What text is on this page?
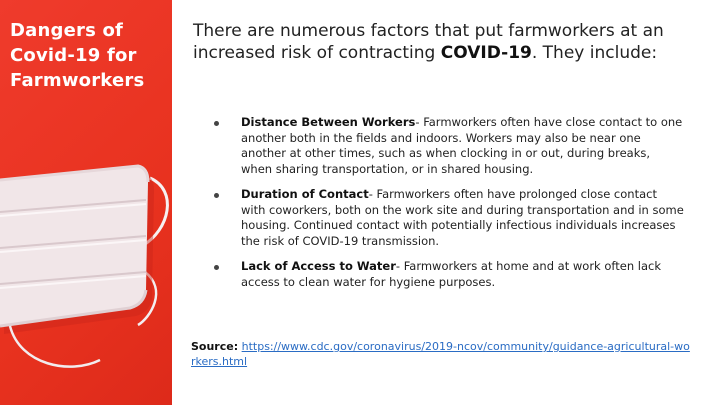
Dangers of
Covid-19 for
Farmworkers
There are numerous factors that put farmworkers at an increased risk of contracting COVID-19. They include:
Distance Between Workers- Farmworkers often have close contact to one another both in the fields and indoors. Workers may also be near one another at other times, such as when clocking in or out, during breaks, when sharing transportation, or in shared housing.
Duration of Contact- Farmworkers often have prolonged close contact with coworkers, both on the work site and during transportation and in some housing. Continued contact with potentially infectious individuals increases the risk of COVID-19 transmission.
Lack of Access to Water- Farmworkers at home and at work often lack access to clean water for hygiene purposes.
Source: https://www.cdc.gov/coronavirus/2019-ncov/community/guidance-agricultural-workers.html
